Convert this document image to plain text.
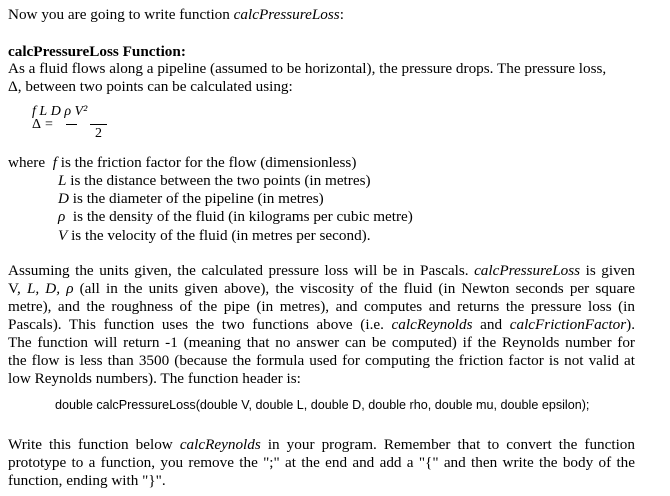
Now you are going to write function calcPressureLoss:
calcPressureLoss Function:
As a fluid flows along a pipeline (assumed to be horizontal), the pressure drops. The pressure loss,
Δ, between two points can be calculated using:
Δ =
f L D ρ V²
2
where f is the friction factor for the flow (dimensionless)
L is the distance between the two points (in metres)
D is the diameter of the pipeline (in metres)
ρ  is the density of the fluid (in kilograms per cubic metre)
V is the velocity of the fluid (in metres per second).
Assuming the units given, the calculated pressure loss will be in Pascals. calcPressureLoss is given
V, L, D, ρ (all in the units given above), the viscosity of the fluid (in Newton seconds per square
metre), and the roughness of the pipe (in metres), and computes and returns the pressure loss (in
Pascals). This function uses the two functions above (i.e. calcReynolds and calcFrictionFactor).
The function will return -1 (meaning that no answer can be computed) if the Reynolds number for
the flow is less than 3500 (because the formula used for computing the friction factor is not valid at
low Reynolds numbers). The function header is:
double calcPressureLoss(double V, double L, double D, double rho, double mu, double epsilon);
Write this function below calcReynolds in your program. Remember that to convert the function
prototype to a function, you remove the ";" at the end and add a "{" and then write the body of the
function, ending with "}".
